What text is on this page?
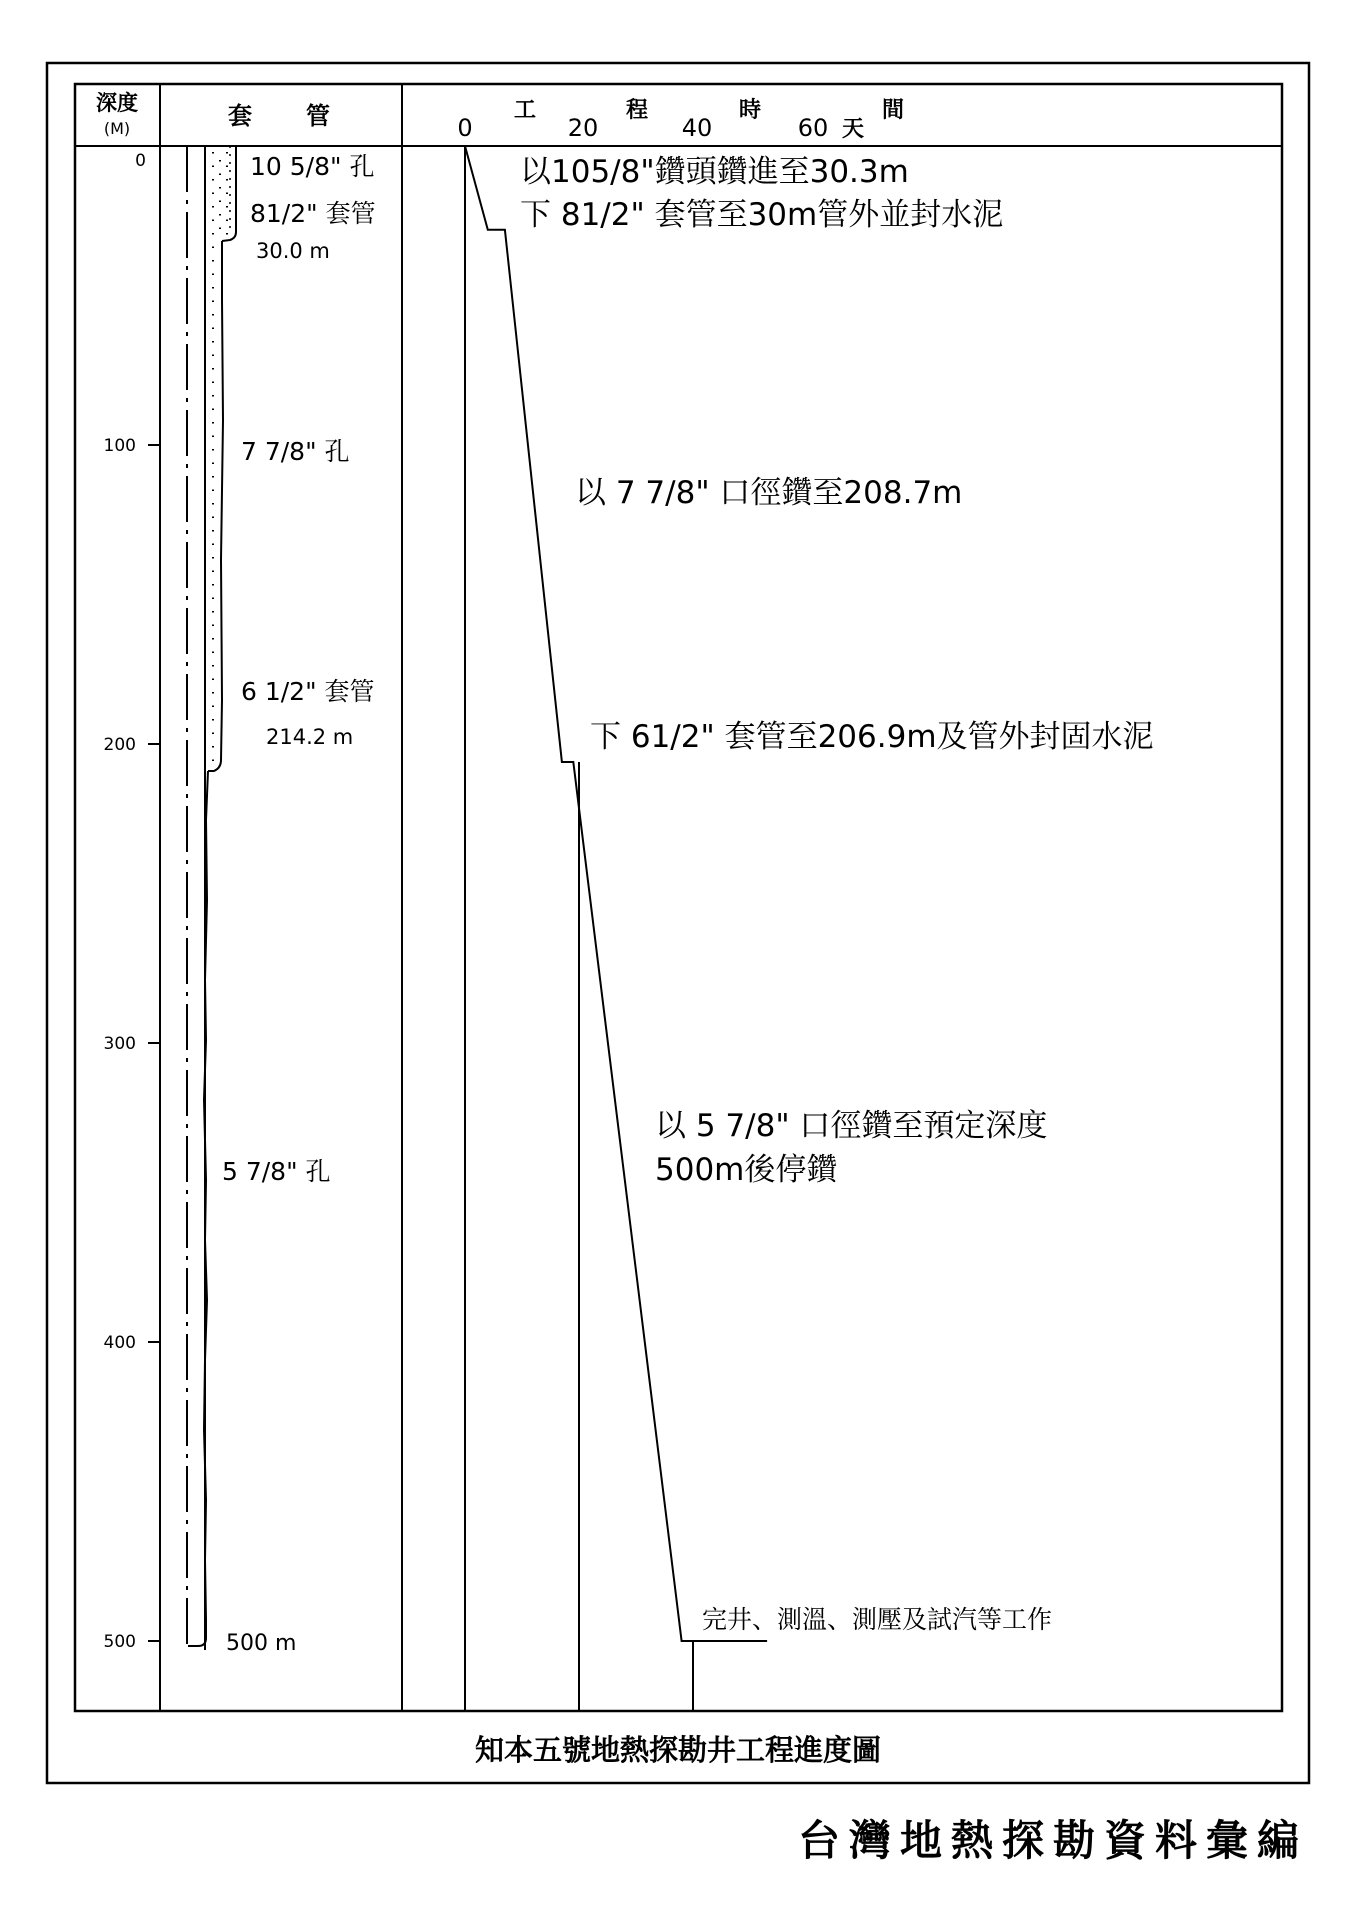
深度
(M)	套 管	工	程	時	間
天
0	20	40	60
0
100
200
300
400
500
10 5/8" 孔
81/2" 套管
30.0 m
7 7/8" 孔
6 1/2" 套管
214.2 m
5 7/8" 孔
500 m
以105/8"鑽頭鑽進至30.3m
下 81/2" 套管至30m管外並封水泥
以 7 7/8" 口徑鑽至208.7m
下 61/2" 套管至206.9m及管外封固水泥
以 5 7/8" 口徑鑽至預定深度
500m後停鑽
完井、測溫、測壓及試汽等工作
知本五號地熱探勘井工程進度圖
台灣地熱探勘資料彙編
